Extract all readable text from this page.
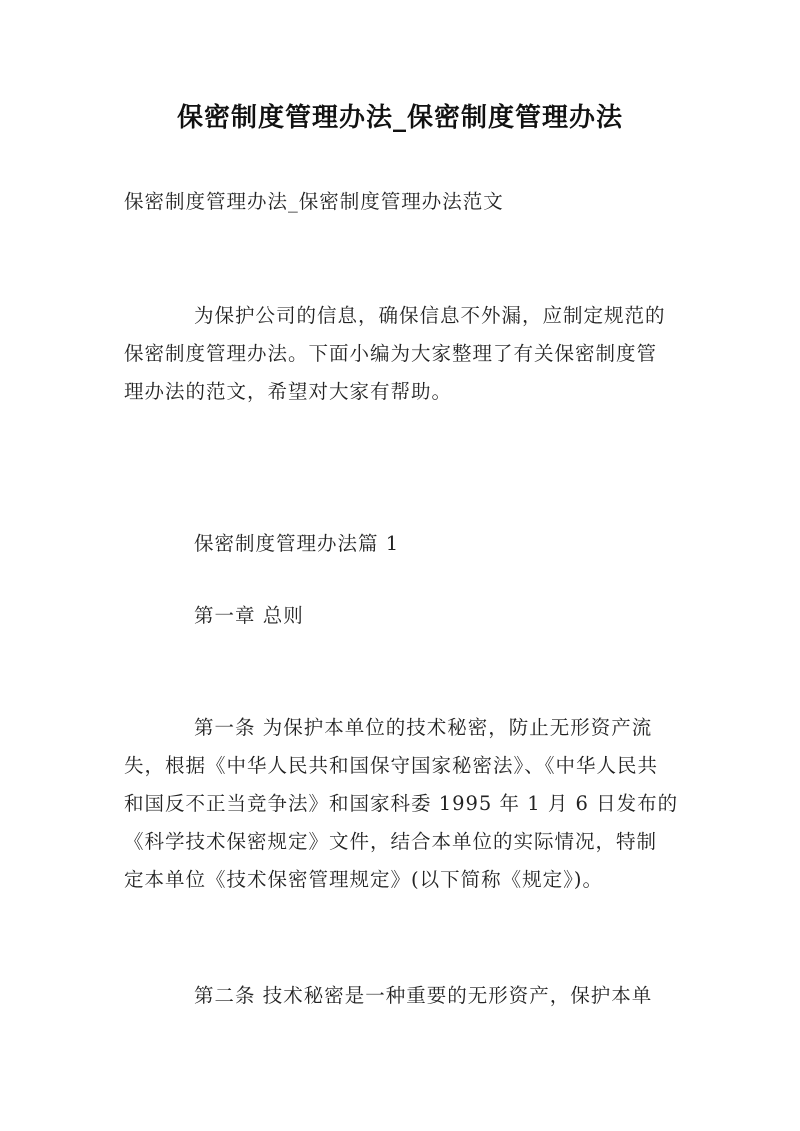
保密制度管理办法_保密制度管理办法
保密制度管理办法_保密制度管理办法范文
为保护公司的信息，确保信息不外漏，应制定规范的
保密制度管理办法。下面小编为大家整理了有关保密制度管
理办法的范文，希望对大家有帮助。
保密制度管理办法篇 1
第一章 总则
第一条 为保护本单位的技术秘密，防止无形资产流
失，根据《中华人民共和国保守国家秘密法》、《中华人民共
和国反不正当竞争法》和国家科委 1995 年 1 月 6 日发布的
《科学技术保密规定》文件，结合本单位的实际情况，特制
定本单位《技术保密管理规定》(以下简称《规定》)。
第二条 技术秘密是一种重要的无形资产，保护本单
